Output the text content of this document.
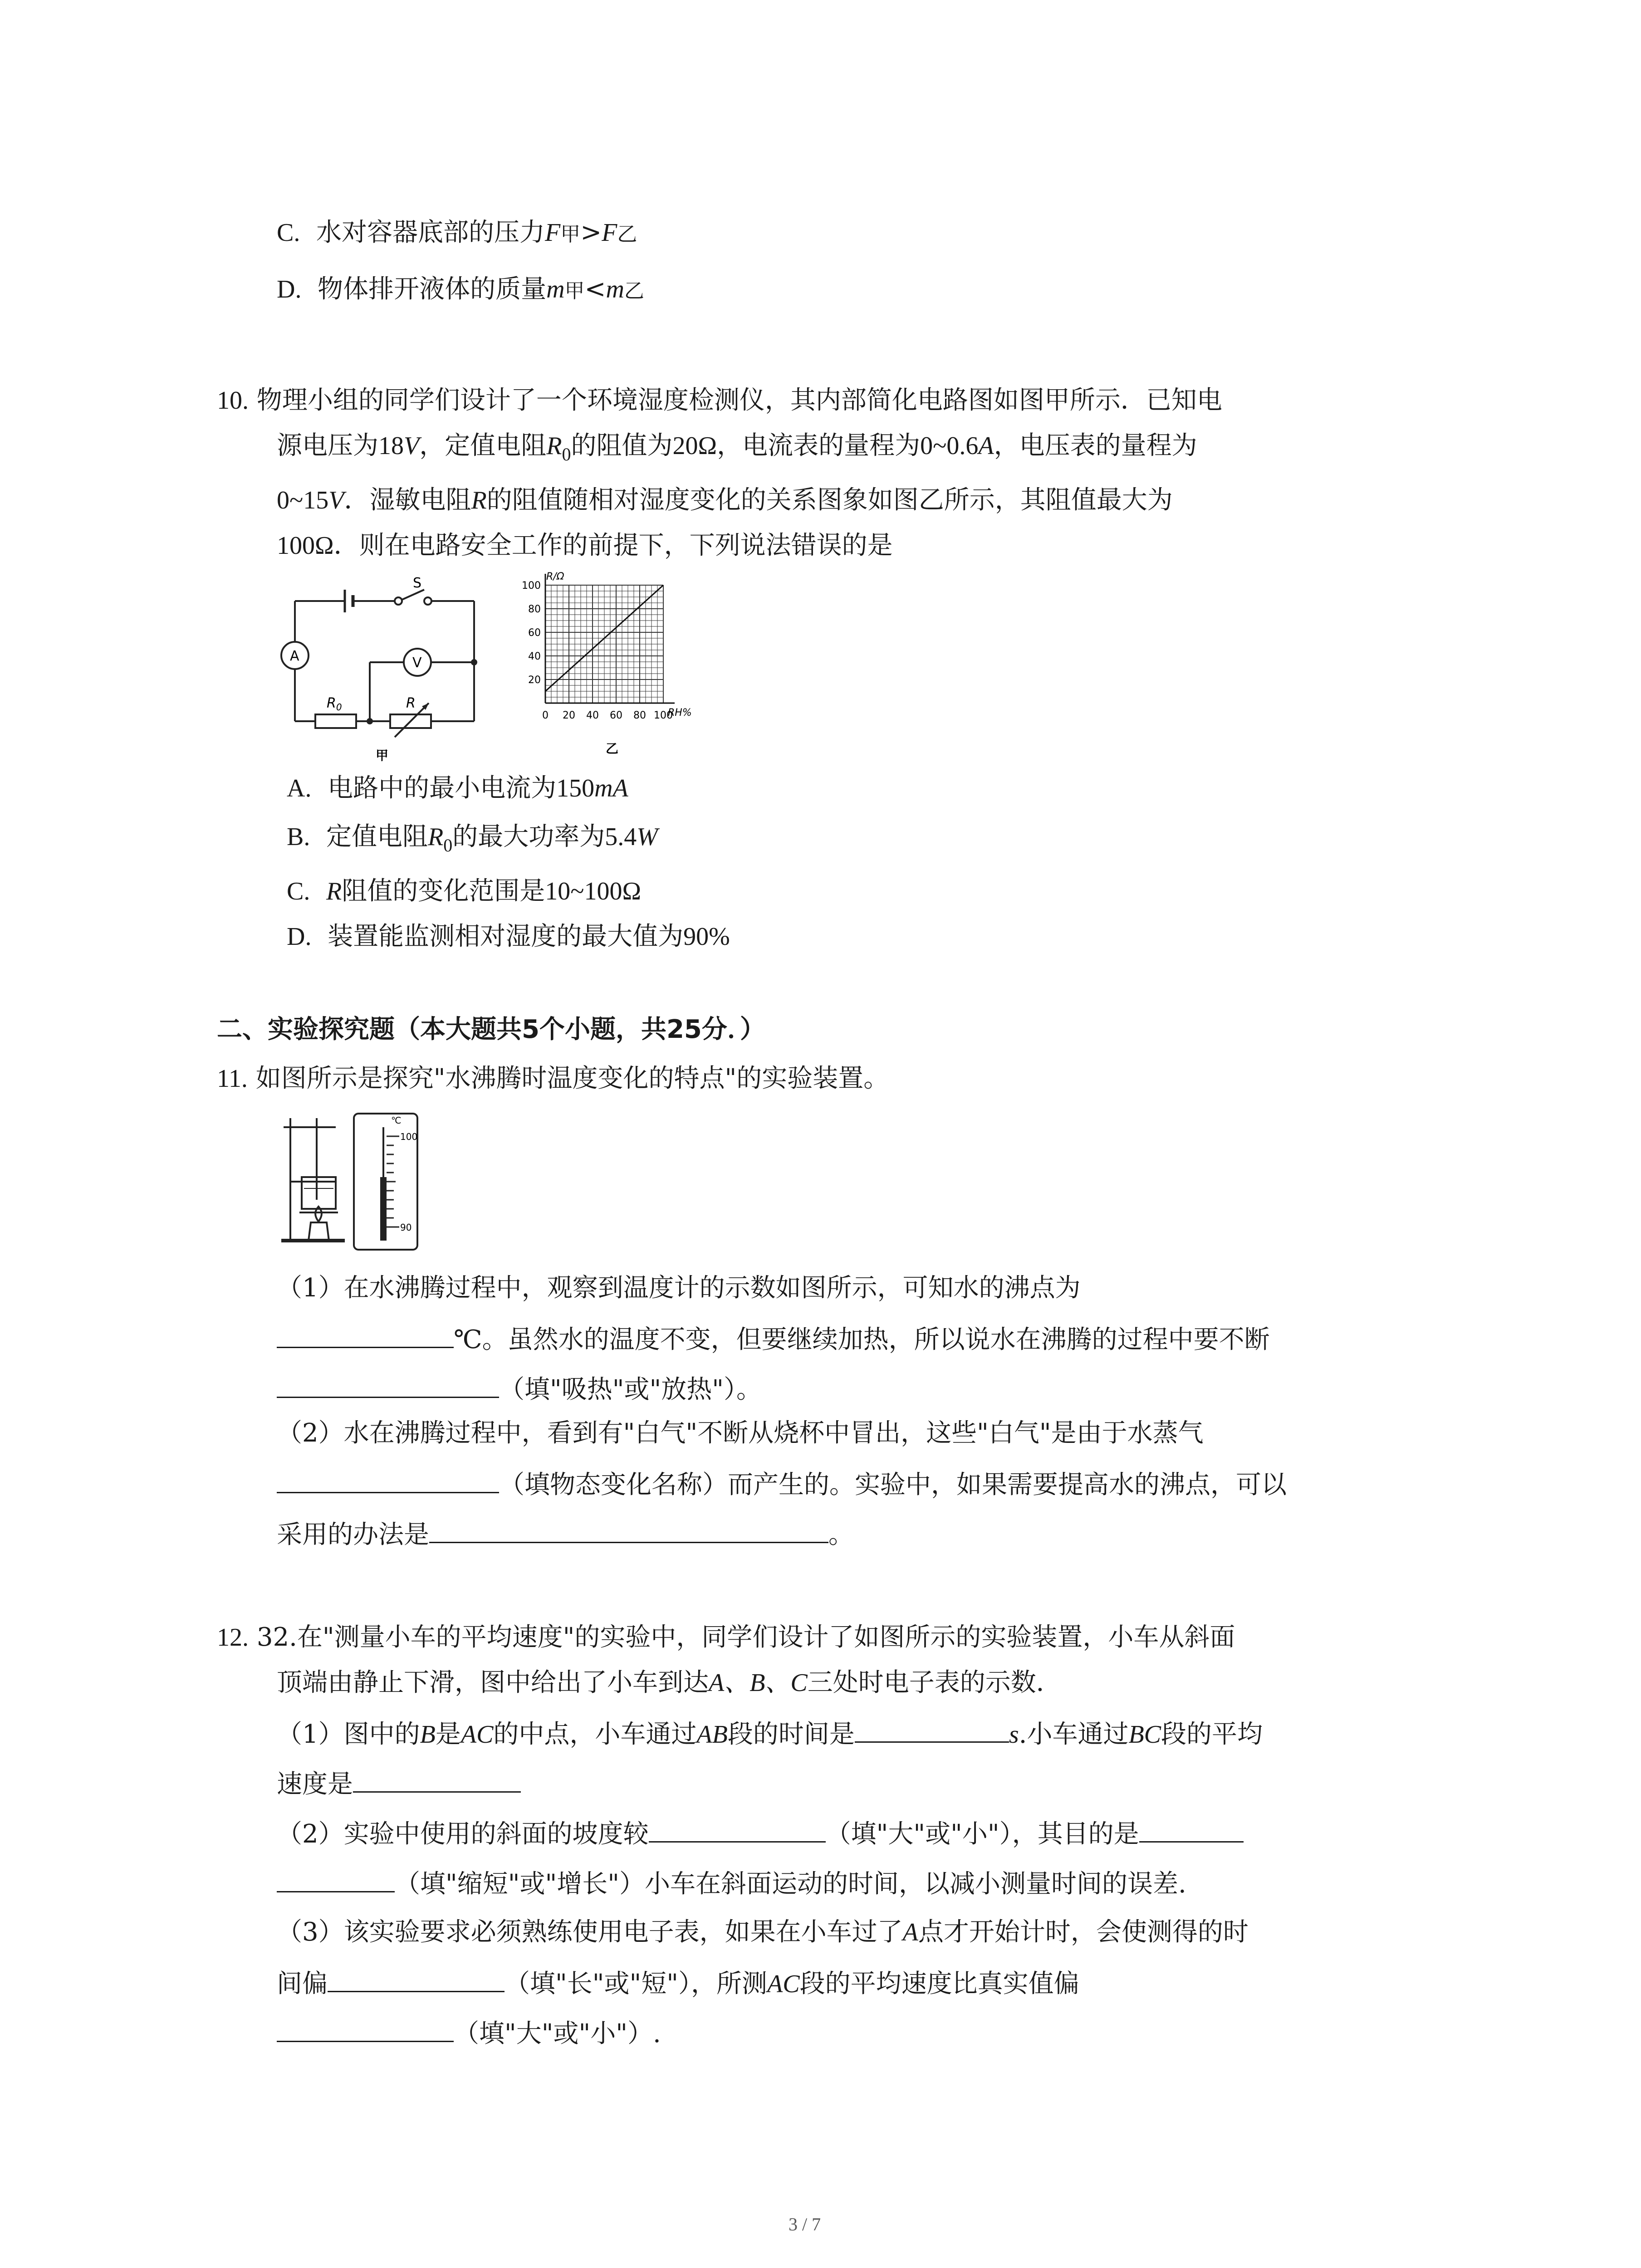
C. 水对容器底部的压力F甲>F乙
D. 物体排开液体的质量m甲<m乙
10. 物理小组的同学们设计了一个环境湿度检测仪，其内部简化电路图如图甲所示．已知电
源电压为18V，定值电阻$R_0$的阻值为20Ω，电流表的量程为0~0.6A，电压表的量程为
0~15V．湿敏电阻R的阻值随相对湿度变化的关系图象如图乙所示，其阻值最大为
100Ω．则在电路安全工作的前提下，下列说法错误的是
S
A	V
$R_0$	R
甲
100
80
60
40
20
0 20 40 60 80 100
R/Ω
RH%
乙
A. 电路中的最小电流为150mA
B. 定值电阻$R_0$的最大功率为5.4W
C. R阻值的变化范围是10~100Ω
D. 装置能监测相对湿度的最大值为90%
二、实验探究题（本大题共5个小题，共25分．）
11. 如图所示是探究"水沸腾时温度变化的特点"的实验装置。
℃
100
90
（1）在水沸腾过程中，观察到温度计的示数如图所示，可知水的沸点为
℃。虽然水的温度不变，但要继续加热，所以说水在沸腾的过程中要不断
（填"吸热"或"放热"）。
（2）水在沸腾过程中，看到有"白气"不断从烧杯中冒出，这些"白气"是由于水蒸气
（填物态变化名称）而产生的。实验中，如果需要提高水的沸点，可以
采用的办法是	。
12. 32.在"测量小车的平均速度"的实验中，同学们设计了如图所示的实验装置，小车从斜面
顶端由静止下滑，图中给出了小车到达A、B、C三处时电子表的示数．
（1）图中的B是AC的中点，小车通过AB段的时间是	s.小车通过BC段的平均
速度是
（2）实验中使用的斜面的坡度较	（填"大"或"小"），其目的是
（填"缩短"或"增长"）小车在斜面运动的时间，以减小测量时间的误差.
（3）该实验要求必须熟练使用电子表，如果在小车过了A点才开始计时，会使测得的时
间偏	（填"长"或"短"），所测AC段的平均速度比真实值偏
（填"大"或"小"）.
3 / 7
